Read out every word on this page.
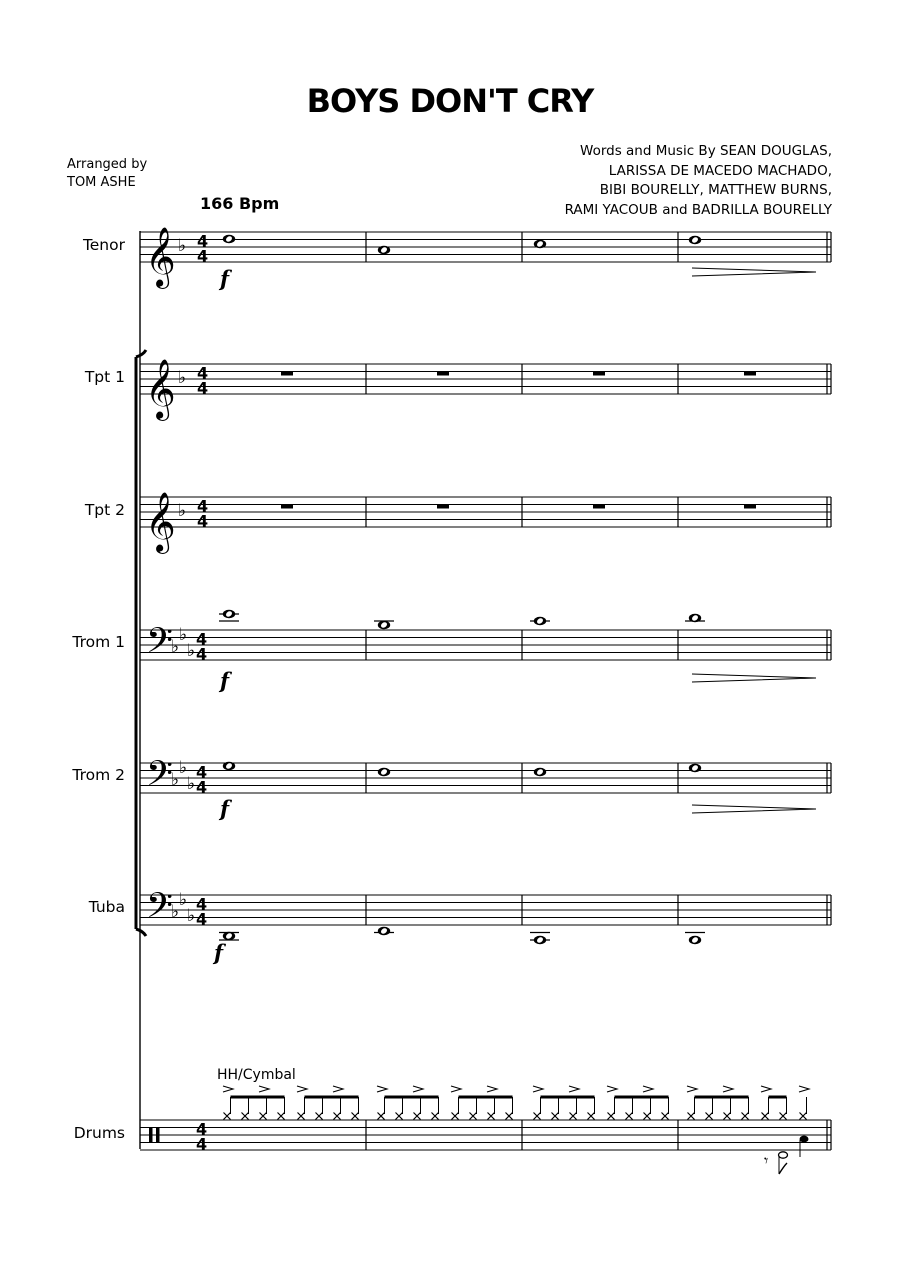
BOYS DON'T CRY
Words and Music By SEAN DOUGLAS,
LARISSA DE MACEDO MACHADO,
BIBI BOURELLY, MATTHEW BURNS,
RAMI YACOUB and BADRILLA BOURELLY
Arranged by
TOM ASHE
166 Bpm
Tenor
Tpt 1
Tpt 2
Trom 1
Trom 2
Tuba
Drums
HH/Cymbal
𝄞 ♭ 4
4
𝄞 ♭ 4
4
𝄞 ♭ 4
4
𝄢
♭
♭
♭
4
4
𝄢
♭
♭
♭
4
4
𝄢
♭
♭
♭
4
4
f
f
f
f
4
4
𝄾
